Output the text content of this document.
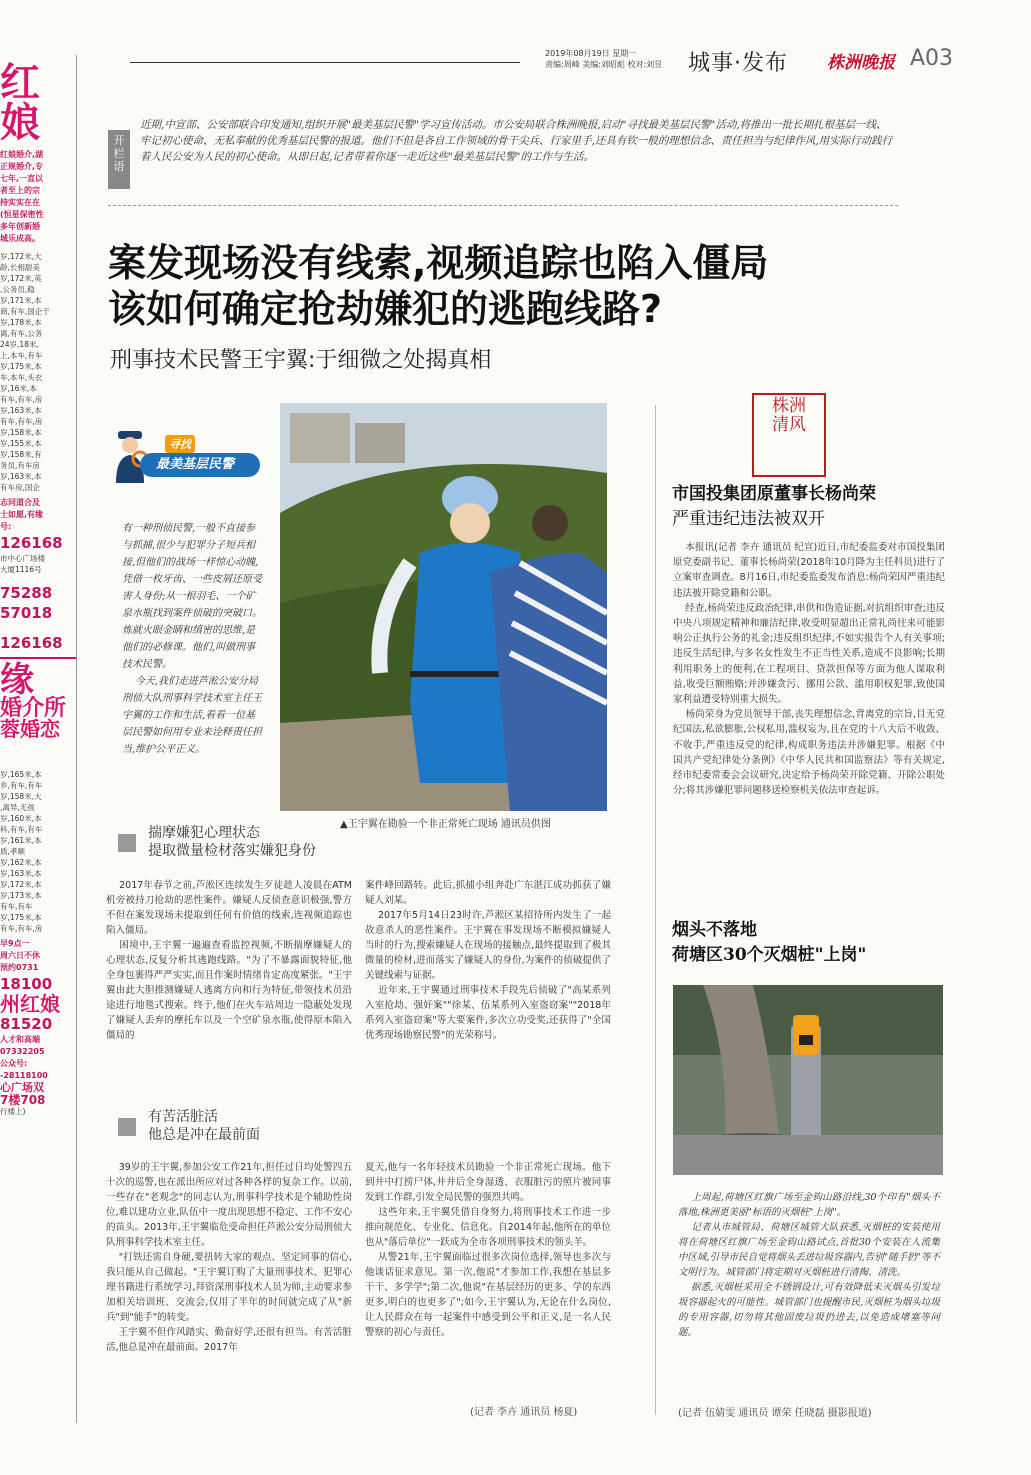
红娘
红娘婚介,湖
正规婚介,专
七年,一直以
者至上的宗
持实实在在
(恒星保密性
多年创新婚
城乐成高。
岁,172米,大
龄,长相甜美
岁,172米,英
,公务员,稳
岁,171米,本
商,有车,国企干
岁,178米,本
离,有车,公务
24岁,18米,
上,本车,有车
岁,175米,本
车,本车,头衣
岁,16米,本
有车,有车,房
岁,163米,本
有车,有车,房
岁,158米,本
岁,155米,本
岁,158米,有
务员,有车房
岁,163米,本
有车房,国企
志同道合及
士如愿,有缘
号:
126168
市中心广场楼
大厦1116号
75288
57018
126168
缘
婚介所
蓉婚恋
岁,165米,本
乡,有车,有车
岁,158米,大
,离异,无孩
岁,160米,本
科,有车,有车
岁,161米,本
质,孝顺
岁,162米,本
岁,163米,本
岁,172米,本
岁,173米,本
有车,有车
岁,175米,本
有车,有车,房
早9点一
周六日不休
预约0731
18100
州红娘
81520
人才和高端
07332205
公众号:
-28118100
心广场双
7楼708
行楼上)
2019年08月19日 星期一
责编:周峰 美编:刘昭彪 校对:刘昱 城事·发布 株洲晚报 A03
开
栏
语
近期,中宣部、公安部联合印发通知,组织开展"最美基层民警"学习宣传活动。市公安局联合株洲晚报,启动"寻找最美基层民警"活动,将推出一批长期扎根基层一线、牢记初心使命、无私奉献的优秀基层民警的报道。他们不但是各自工作领域的骨干尖兵、行家里手,还具有钦一般的理想信念、责任担当与纪律作风,用实际行动践行着人民公安为人民的初心使命。从即日起,记者带着你逐一走近这些"最美基层民警"的工作与生活。
案发现场没有线索,视频追踪也陷入僵局
该如何确定抢劫嫌犯的逃跑线路?
刑事技术民警王宇翼:于细微之处揭真相
寻找
最美基层民警
有一种刑侦民警,一般不直接参与抓捕,很少与犯罪分子短兵相接,但他们的战场一样惊心动魄,凭借一枚牙齿、一些皮屑还原受害人身份;从一根羽毛、一个矿泉水瓶找到案件侦破的突破口。炼就火眼金睛和缜密的思维,是他们的必修课。他们,叫做刑事技术民警。
今天,我们走进芦淞公安分局刑侦大队刑事科学技术室主任王宇翼的工作和生活,看看一位基层民警如何用专业来诠释责任担当,维护公平正义。
▲王宇翼在勘验一个非正常死亡现场 通讯员供图
揣摩嫌犯心理状态
提取微量检材落实嫌犯身份
2017年春节之前,芦淞区连续发生歹徒趁人凌晨在ATM机旁被持刀抢劫的恶性案件。嫌疑人反侦查意识极强,警方不但在案发现场未提取到任何有价值的线索,连视频追踪也陷入僵局。
困境中,王宇翼一遍遍查看监控视频,不断揣摩嫌疑人的心理状态,反复分析其逃跑线路。"为了不暴露面貌特征,他全身包裹得严严实实,而且作案时情绪肯定高度紧张。"王宇翼由此大胆推测嫌疑人逃离方向和行为特征,带领技术员沿途进行地毯式搜索。终于,他们在火车站周边一隐蔽处发现了嫌疑人丢弃的摩托车以及一个空矿泉水瓶,使得原本陷入僵局的
案件峰回路转。此后,抓捕小组奔赴广东湛江成功抓获了嫌疑人刘某。
2017年5月14日23时许,芦淞区某招待所内发生了一起故意杀人的恶性案件。王宇翼在事发现场不断模拟嫌疑人当时的行为,搜索嫌疑人在现场的接触点,最终提取到了极其微量的检材,进而落实了嫌疑人的身份,为案件的侦破提供了关键线索与证据。
近年来,王宇翼通过刑事技术手段先后侦破了"高某系列入室抢劫、强奸案""徐某、伍某系列入室盗窃案""2018年系列入室盗窃案"等大要案件,多次立功受奖,还获得了"全国优秀现场勘察民警"的光荣称号。
有苦活脏活
他总是冲在最前面
39岁的王宇翼,参加公安工作21年,担任过日均处警四五十次的巡警,也在派出所应对过各种各样的复杂工作。以前,一些存在"老观念"的同志认为,刑事科学技术是个辅助性岗位,难以建功立业,队伍中一度出现思想不稳定、工作不安心的苗头。2013年,王宇翼临危受命担任芦淞公安分局刑侦大队刑事科学技术室主任。
"打铁还需自身硬,要扭转大家的观点、坚定同事的信心,我只能从自己做起。"王宇翼订购了大量刑事技术、犯罪心理书籍进行系统学习,拜资深刑事技术人员为师,主动要求参加相关培训班、交流会,仅用了半年的时间就完成了从"新兵"到"能手"的转变。
王宇翼不但作风踏实、勤奋好学,还很有担当。有苦活脏活,他总是冲在最前面。2017年
夏天,他与一名年轻技术员勘验一个非正常死亡现场。他下到井中打捞尸体,井井后全身湿透、衣服脏污的照片被同事发到工作群,引发全局民警的强烈共鸣。
这些年来,王宇翼凭借自身努力,将刑事技术工作进一步推向规范化、专业化、信息化。自2014年起,他所在的单位也从"落后单位"一跃成为全市各项刑事技术的领头羊。
从警21年,王宇翼面临过很多次岗位选择,领导也多次与他谈话征求意见。第一次,他说"才参加工作,我想在基层多干干、多学学";第二次,他说"在基层经历的更多、学的东西更多,明白的也更多了";如今,王宇翼认为,无论在什么岗位,让人民群众在每一起案件中感受到公平和正义,是一名人民警察的初心与责任。
(记者 李卉 通讯员 杨夏)
株洲清风
市国投集团原董事长杨尚荣
严重违纪违法被双开
本报讯(记者 李卉 通讯员 纪宣)近日,市纪委监委对市国投集团原党委副书记、董事长杨尚荣(2018年10月降为主任科员)进行了立案审查调查。8月16日,市纪委监委发布消息:杨尚荣因严重违纪违法被开除党籍和公职。
经查,杨尚荣违反政治纪律,串供和伪造证据,对抗组织审查;违反中央八项规定精神和廉洁纪律,收受明显超出正常礼尚往来可能影响公正执行公务的礼金;违反组织纪律,不如实报告个人有关事项;违反生活纪律,与多名女性发生不正当性关系,造成不良影响;长期利用职务上的便利,在工程项目、贷款担保等方面为他人谋取利益,收受巨额贿赂;并涉嫌贪污、挪用公款、滥用职权犯罪,致使国家利益遭受特别重大损失。
杨尚荣身为党员领导干部,丧失理想信念,背离党的宗旨,目无党纪国法,私欲膨胀,公权私用,滥权妄为,且在党的十八大后不收敛、不收手,严重违反党的纪律,构成职务违法并涉嫌犯罪。根据《中国共产党纪律处分条例》《中华人民共和国监察法》等有关规定,经市纪委常委会会议研究,决定给予杨尚荣开除党籍、开除公职处分;将其涉嫌犯罪问题移送检察机关依法审查起诉。
烟头不落地
荷塘区30个灭烟桩"上岗"
上周起,荷塘区红旗广场至金钩山路沿线,30个印有"烟头不落地,株洲更美丽"标语的灭烟桩"上岗"。
记者从市城管局、荷塘区城管大队获悉,灭烟桩的安装使用将在荷塘区红旗广场至金钩山路试点,首批30个安装在人流集中区域,引导市民自觉将烟头丢进垃圾容器内,告别"随手扔"等不文明行为。城管部门将定期对灭烟桩进行清掏、清洗。
据悉,灭烟桩采用全不锈钢设计,可有效降低未灭烟头引发垃圾容器起火的可能性。城管部门也提醒市民,灭烟桩为烟头垃圾的专用容器,切勿将其他固废垃圾扔进去,以免造成堵塞等问题。
(记者 伍婧雯 通讯员 谭荣 任晓磊 摄影报道)
